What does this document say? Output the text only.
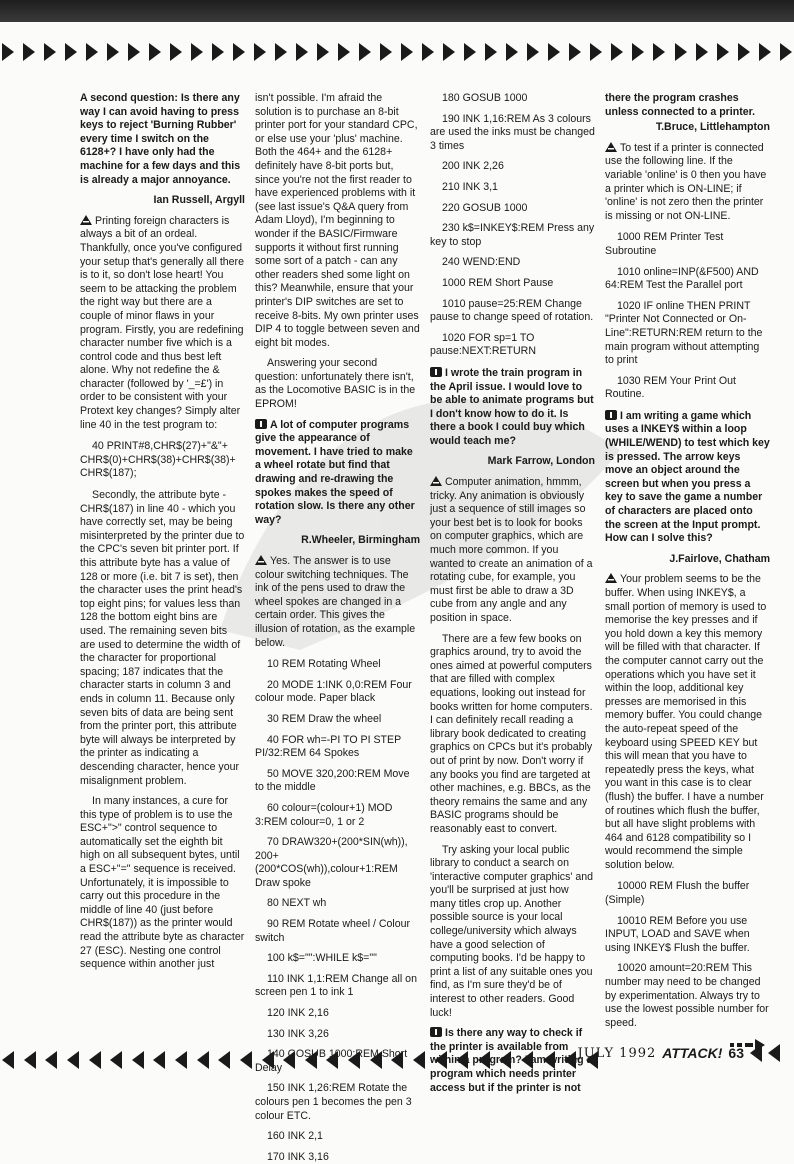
A second question: Is there any way I can avoid having to press keys to reject 'Burning Rubber' every time I switch on the 6128+? I have only had the machine for a few days and this is already a major annoyance.

Ian Russell, Argyll

Printing foreign characters is always a bit of an ordeal. Thankfully, once you've configured your setup that's generally all there is to it, so don't lose heart! You seem to be attacking the problem the right way but there are a couple of minor flaws in your program. Firstly, you are redefining character number five which is a control code and thus best left alone. Why not redefine the & character (followed by '_=£') in order to be consistent with your Protext key changes? Simply alter line 40 in the test program to:

40 PRINT#8,CHR$(27)+"&"+ CHR$(0)+CHR$(38)+CHR$(38)+ CHR$(187);

Secondly, the attribute byte - CHR$(187) in line 40 - which you have correctly set, may be being misinterpreted by the printer due to the CPC's seven bit printer port. If this attribute byte has a value of 128 or more (i.e. bit 7 is set), then the character uses the print head's top eight pins; for values less than 128 the bottom eight bins are used. The remaining seven bits are used to determine the width of the character for proportional spacing; 187 indicates that the character starts in column 3 and ends in column 11. Because only seven bits of data are being sent from the printer port, this attribute byte will always be interpreted by the printer as indicating a descending character, hence your misalignment problem.

In many instances, a cure for this type of problem is to use the ESC+">" control sequence to automatically set the eighth bit high on all subsequent bytes, until a ESC+"=" sequence is received. Unfortunately, it is impossible to carry out this procedure in the middle of line 40 (just before CHR$(187)) as the printer would read the attribute byte as character 27 (ESC). Nesting one control sequence within another just

isn't possible. I'm afraid the solution is to purchase an 8-bit printer port for your standard CPC, or else use your 'plus' machine. Both the 464+ and the 6128+ definitely have 8-bit ports but, since you're not the first reader to have experienced problems with it (see last issue's Q&A query from Adam Lloyd), I'm beginning to wonder if the BASIC/Firmware supports it without first running some sort of a patch - can any other readers shed some light on this? Meanwhile, ensure that your printer's DIP switches are set to receive 8-bits. My own printer uses DIP 4 to toggle between seven and eight bit modes.

Answering your second question: unfortunately there isn't, as the Locomotive BASIC is in the EPROM!

A lot of computer programs give the appearance of movement. I have tried to make a wheel rotate but find that drawing and re-drawing the spokes makes the speed of rotation slow. Is there any other way?

R.Wheeler, Birmingham

Yes. The answer is to use colour switching techniques. The ink of the pens used to draw the wheel spokes are changed in a certain order. This gives the illusion of rotation, as the example below.

10 REM Rotating Wheel

20 MODE 1:INK 0,0:REM Four colour mode. Paper black

30 REM Draw the wheel

40 FOR wh=-PI TO PI STEP PI/32:REM 64 Spokes

50 MOVE 320,200:REM Move to the middle

60 colour=(colour+1) MOD 3:REM colour=0, 1 or 2

70 DRAW320+(200*SIN(wh)), 200+(200*COS(wh)),colour+1:REM Draw spoke

80 NEXT wh

90 REM Rotate wheel / Colour switch

100 k$="":WHILE k$=""

110 INK 1,1:REM Change all on screen pen 1 to ink 1

120 INK 2,16

130 INK 3,26

140 GOSUB 1000:REM Short Delay

150 INK 1,26:REM Rotate the colours pen 1 becomes the pen 3 colour ETC.

160 INK 2,1

170 INK 3,16

180 GOSUB 1000

190 INK 1,16:REM As 3 colours are used the inks must be changed 3 times

200 INK 2,26

210 INK 3,1

220 GOSUB 1000

230 k$=INKEY$:REM Press any key to stop

240 WEND:END

1000 REM Short Pause

1010 pause=25:REM Change pause to change speed of rotation.

1020 FOR sp=1 TO pause:NEXT:RETURN

I wrote the train program in the April issue. I would love to be able to animate programs but I don't know how to do it. Is there a book I could buy which would teach me?

Mark Farrow, London

Computer animation, hmmm, tricky. Any animation is obviously just a sequence of still images so your best bet is to look for books on computer graphics, which are much more common. If you wanted to create an animation of a rotating cube, for example, you must first be able to draw a 3D cube from any angle and any position in space.

There are a few few books on graphics around, try to avoid the ones aimed at powerful computers that are filled with complex equations, looking out instead for books written for home computers. I can definitely recall reading a library book dedicated to creating graphics on CPCs but it's probably out of print by now. Don't worry if any books you find are targeted at other machines, e.g. BBCs, as the theory remains the same and any BASIC programs should be reasonably east to convert.

Try asking your local public library to conduct a search on 'interactive computer graphics' and you'll be surprised at just how many titles crop up. Another possible source is your local college/university which always have a good selection of computing books. I'd be happy to print a list of any suitable ones you find, as I'm sure they'd be of interest to other readers. Good luck!

Is there any way to check if the printer is available from within a program? I am writing a program which needs printer access but if the printer is not

there the program crashes unless connected to a printer.

T.Bruce, Littlehampton

To test if a printer is connected use the following line. If the variable 'online' is 0 then you have a printer which is ON-LINE; if 'online' is not zero then the printer is missing or not ON-LINE.

1000 REM Printer Test Subroutine

1010 online=INP(&F500) AND 64:REM Test the Parallel port

1020 IF online THEN PRINT "Printer Not Connected or On-Line":RETURN:REM return to the main program without attempting to print

1030 REM Your Print Out Routine.

I am writing a game which uses a INKEY$ within a loop (WHILE/WEND) to test which key is pressed. The arrow keys move an object around the screen but when you press a key to save the game a number of characters are placed onto the screen at the Input prompt. How can I solve this?

J.Fairlove, Chatham

Your problem seems to be the buffer. When using INKEY$, a small portion of memory is used to memorise the key presses and if you hold down a key this memory will be filled with that character. If the computer cannot carry out the operations which you have set it within the loop, additional key presses are memorised in this memory buffer. You could change the auto-repeat speed of the keyboard using SPEED KEY but this will mean that you have to repeatedly press the keys, what you want in this case is to clear (flush) the buffer. I have a number of routines which flush the buffer, but all have slight problems with 464 and 6128 compatibility so I would recommend the simple solution below.

10000 REM Flush the buffer (Simple)

10010 REM Before you use INPUT, LOAD and SAVE when using INKEY$ Flush the buffer.

10020 amount=20:REM This number may need to be changed by experimentation. Always try to use the lowest possible number for speed.

JULY 1992 ATTACK! 63
